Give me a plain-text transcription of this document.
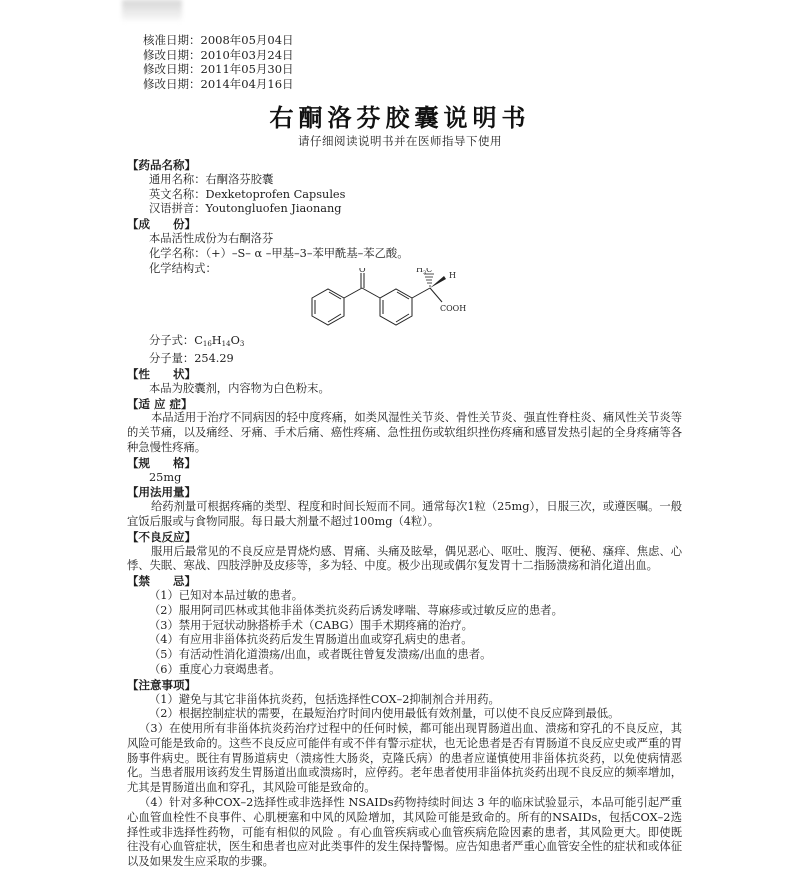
核准日期：2008年05月04日
修改日期：2010年03月24日
修改日期：2011年05月30日
修改日期：2014年04月16日
右酮洛芬胶囊说明书
请仔细阅读说明书并在医师指导下使用
【药品名称】
通用名称：右酮洛芬胶囊
英文名称：Dexketoprofen Capsules
汉语拼音：Youtongluofen Jiaonang
【成　　份】
本品活性成份为右酮洛芬
化学名称：（+）–S– α –甲基–3–苯甲酰基–苯乙酸。
化学结构式：	O	$H_3C$
H
COOH
分子式：$C_{16}H_{14}O_3$
分子量：254.29
【性　　状】
本品为胶囊剂，内容物为白色粉末。
【适 应 症】
本品适用于治疗不同病因的轻中度疼痛，如类风湿性关节炎、骨性关节炎、强直性脊柱炎、痛风性关节炎等的关节痛，以及痛经、牙痛、手术后痛、癌性疼痛、急性扭伤或软组织挫伤疼痛和感冒发热引起的全身疼痛等各种急慢性疼痛。
【规　　格】
25mg
【用法用量】
给药剂量可根据疼痛的类型、程度和时间长短而不同。通常每次1粒（25mg），日服三次，或遵医嘱。一般宜饭后服或与食物同服。每日最大剂量不超过100mg（4粒）。
【不良反应】
服用后最常见的不良反应是胃烧灼感、胃痛、头痛及眩晕，偶见恶心、呕吐、腹泻、便秘、瘙痒、焦虑、心悸、失眠、寒战、四肢浮肿及皮疹等，多为轻、中度。极少出现或偶尔复发胃十二指肠溃疡和消化道出血。
【禁　　忌】
（1）已知对本品过敏的患者。
（2）服用阿司匹林或其他非甾体类抗炎药后诱发哮喘、荨麻疹或过敏反应的患者。
（3）禁用于冠状动脉搭桥手术（CABG）围手术期疼痛的治疗。
（4）有应用非甾体抗炎药后发生胃肠道出血或穿孔病史的患者。
（5）有活动性消化道溃疡/出血，或者既往曾复发溃疡/出血的患者。
（6）重度心力衰竭患者。
【注意事项】
（1）避免与其它非甾体抗炎药，包括选择性COX–2抑制剂合并用药。
（2）根据控制症状的需要，在最短治疗时间内使用最低有效剂量，可以使不良反应降到最低。
（3）在使用所有非甾体抗炎药治疗过程中的任何时候，都可能出现胃肠道出血、溃疡和穿孔的不良反应，其风险可能是致命的。这些不良反应可能伴有或不伴有警示症状，也无论患者是否有胃肠道不良反应史或严重的胃肠事件病史。既往有胃肠道病史（溃疡性大肠炎，克隆氏病）的患者应谨慎使用非甾体抗炎药，以免使病情恶化。当患者服用该药发生胃肠道出血或溃疡时，应停药。老年患者使用非甾体抗炎药出现不良反应的频率增加，尤其是胃肠道出血和穿孔，其风险可能是致命的。
（4）针对多种COX–2选择性或非选择性 NSAIDs药物持续时间达 3 年的临床试验显示，本品可能引起严重心血管血栓性不良事件、心肌梗塞和中风的风险增加，其风险可能是致命的。所有的NSAIDs，包括COX–2选择性或非选择性药物，可能有相似的风险 。有心血管疾病或心血管疾病危险因素的患者，其风险更大。即使既往没有心血管症状，医生和患者也应对此类事件的发生保持警惕。应告知患者严重心血管安全性的症状和或体征以及如果发生应采取的步骤。
